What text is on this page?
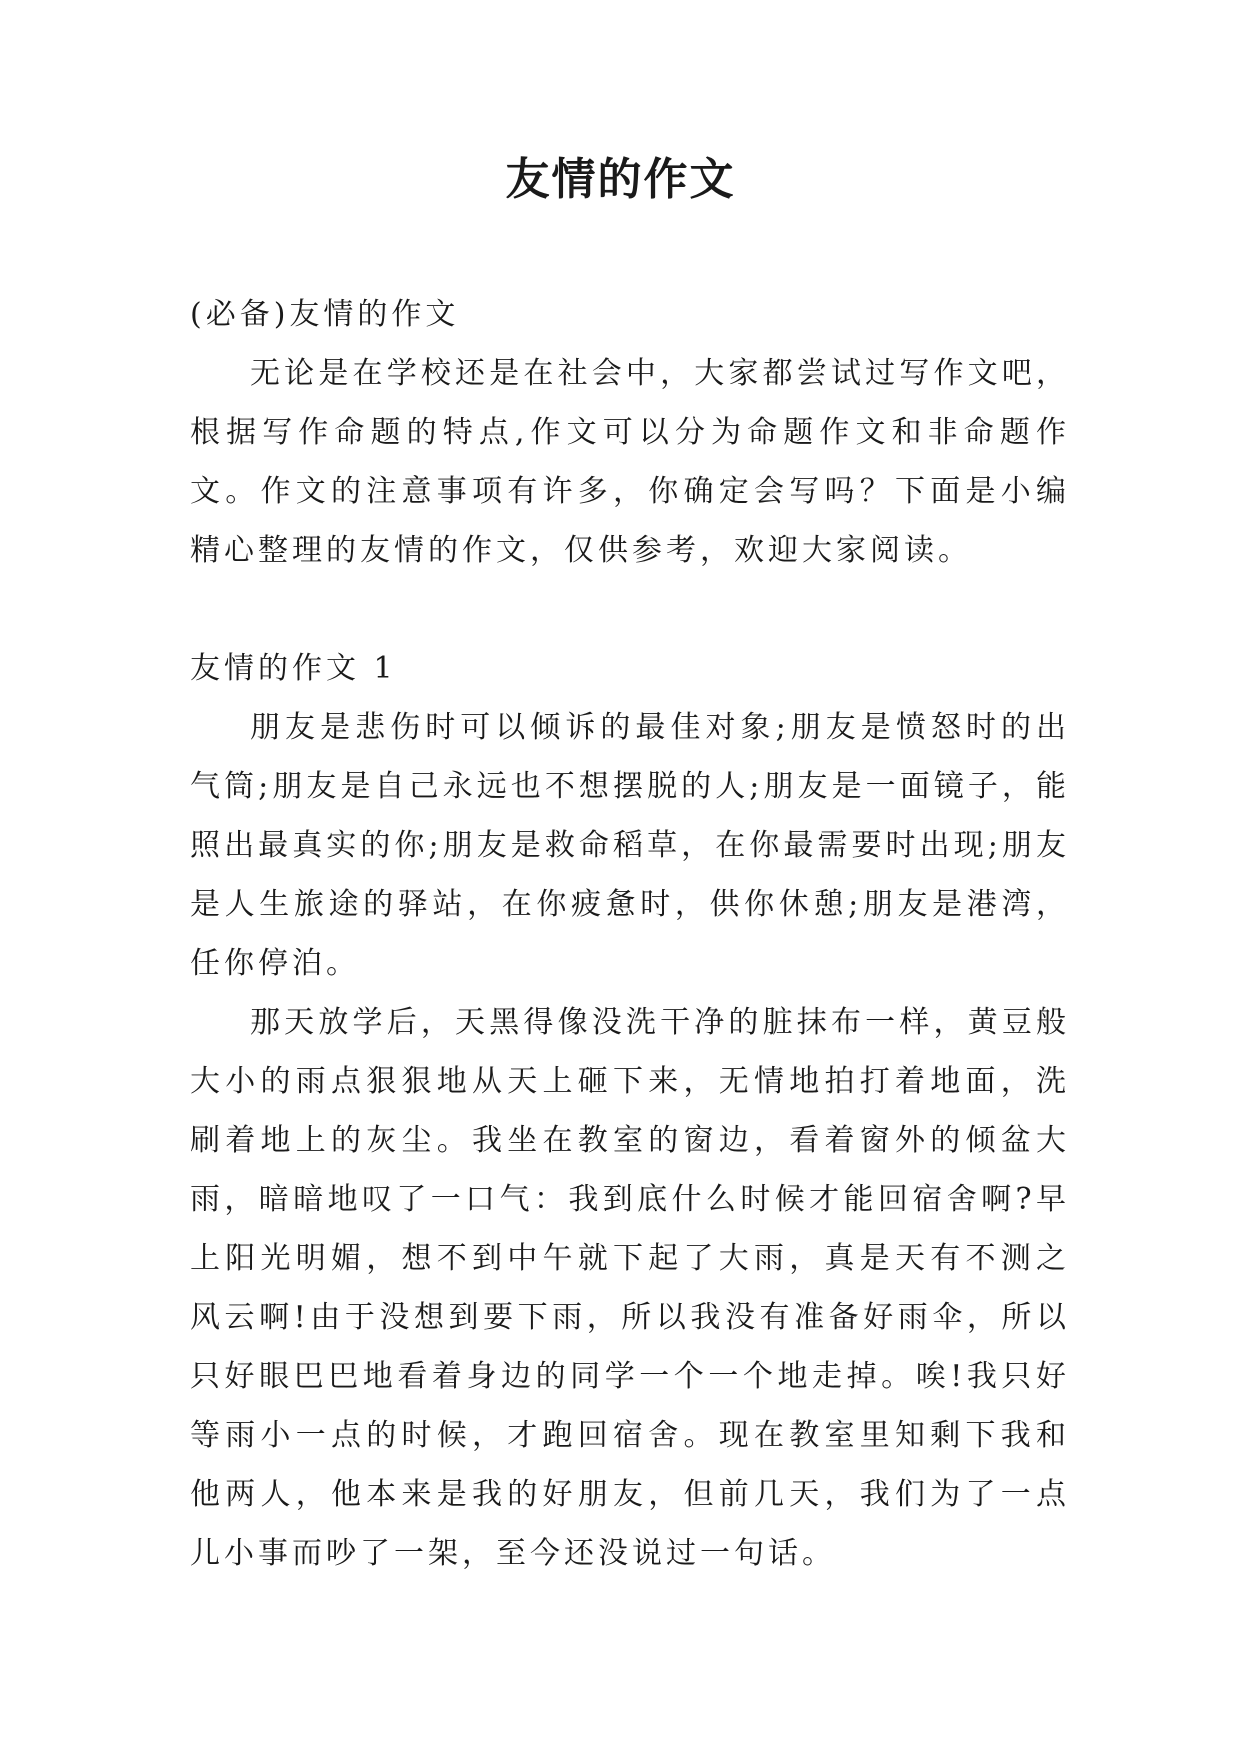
友情的作文

(必备)友情的作文

无论是在学校还是在社会中，大家都尝试过写作文吧，根据写作命题的特点,作文可以分为命题作文和非命题作文。作文的注意事项有许多，你确定会写吗？下面是小编精心整理的友情的作文，仅供参考，欢迎大家阅读。

友情的作文 1

朋友是悲伤时可以倾诉的最佳对象;朋友是愤怒时的出气筒;朋友是自己永远也不想摆脱的人;朋友是一面镜子，能照出最真实的你;朋友是救命稻草，在你最需要时出现;朋友是人生旅途的驿站，在你疲惫时，供你休憩;朋友是港湾，任你停泊。

那天放学后，天黑得像没洗干净的脏抹布一样，黄豆般大小的雨点狠狠地从天上砸下来，无情地拍打着地面，洗刷着地上的灰尘。我坐在教室的窗边，看着窗外的倾盆大雨，暗暗地叹了一口气：我到底什么时候才能回宿舍啊?早上阳光明媚，想不到中午就下起了大雨，真是天有不测之风云啊!由于没想到要下雨，所以我没有准备好雨伞，所以只好眼巴巴地看着身边的同学一个一个地走掉。唉!我只好等雨小一点的时候，才跑回宿舍。现在教室里知剩下我和他两人，他本来是我的好朋友，但前几天，我们为了一点儿小事而吵了一架，至今还没说过一句话。
